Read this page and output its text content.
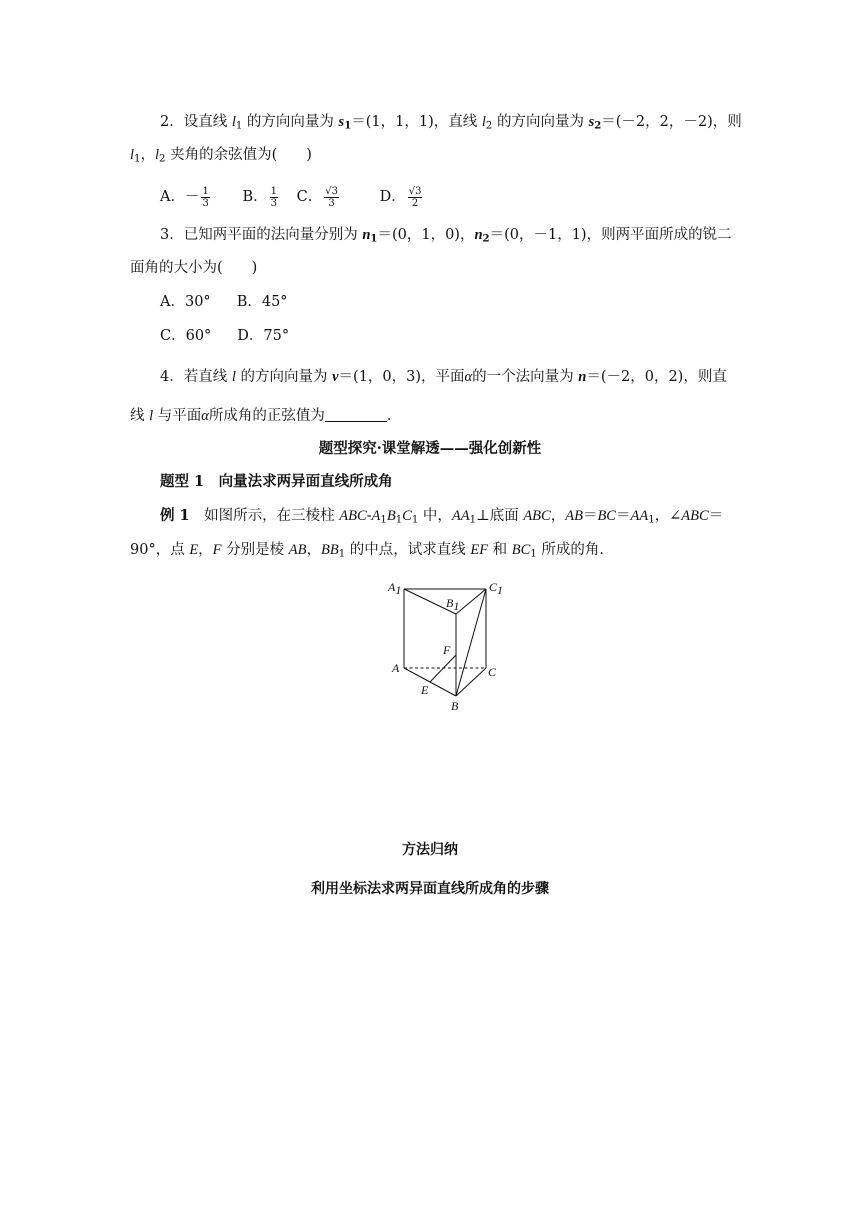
2．设直线 $l_1$ 的方向向量为 $s_1=(1$，1，1)，直线 $l_2$ 的方向向量为 $s_2=(-2$，2，－2)，则
$l_1$，$l_2$ 夹角的余弦值为(　　)
A．－ $\frac{1}{3}$ B． $\frac{1}{3}$ C． $\frac{√3}{3}$	D． $\frac{√3}{2}$
3．已知两平面的法向量分别为 $n_1=(0$，1，0)，$n_2=(0$，－1，1)，则两平面所成的锐二
面角的大小为(　　)
A．30° B．45°
C．60° D．75°
4．若直线 l 的方向向量为 v＝(1，0，3)，平面α的一个法向量为 n＝(－2，0，2)，则直
线 l 与平面α所成角的正弦值为	．
题型探究·课堂解透——强化创新性
题型 1　向量法求两异面直线所成角
例 1　如图所示，在三棱柱 ABC-$A_1B_1C_1$ 中，$AA_1\perp$底面 ABC，$AB=BC=AA_1$，∠ABC＝
90°，点 E，F 分别是棱 AB，$BB_1$ 的中点，试求直线 EF 和 $BC_1$ 所成的角．
A1
B1
C1
F
A	C
E
B
方法归纳
利用坐标法求两异面直线所成角的步骤
